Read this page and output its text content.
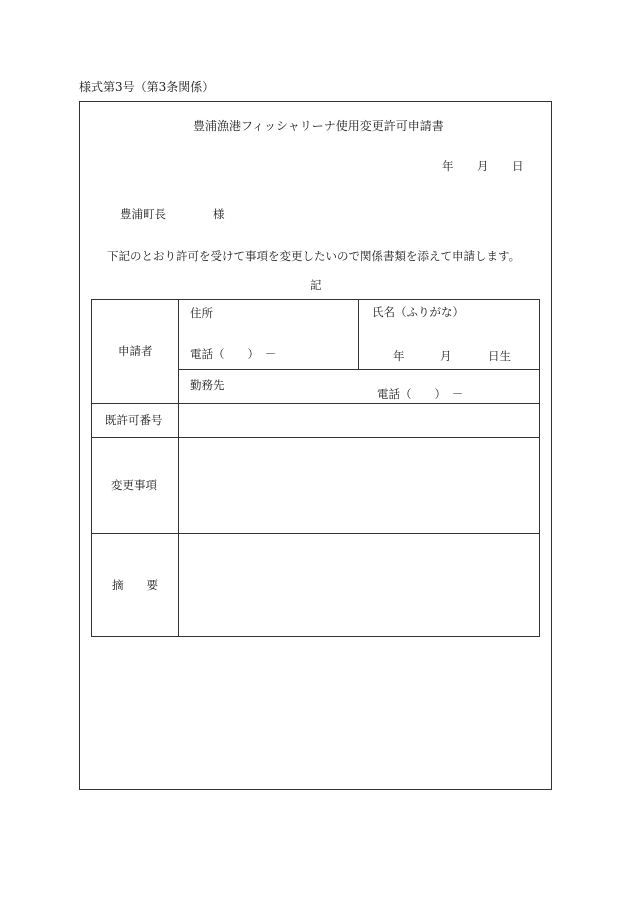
様式第3号（第3条関係）
豊浦漁港フィッシャリーナ使用変更許可申請書
年 月 日
豊浦町長	様
下記のとおり許可を受けて事項を変更したいので関係書類を添えて申請します。
記
申請者
住所	氏名（ふりがな）
電話（　　）　－	年	月	日生
勤務先
電話（　　）　－
既許可番号
変更事項
摘　　要
